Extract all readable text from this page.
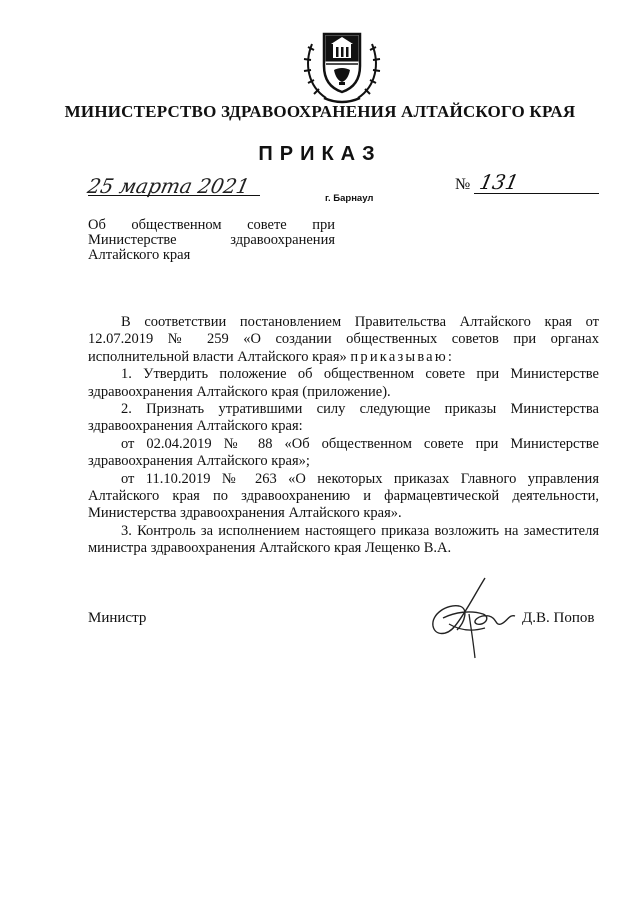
МИНИСТЕРСТВО ЗДРАВООХРАНЕНИЯ АЛТАЙСКОГО КРАЯ
ПРИКАЗ
25 марта 2021
г. Барнаул
№ 131
Об общественном совете при
Министерстве здравоохранения
Алтайского края

В соответствии постановлением Правительства Алтайского края от 12.07.2019 № 259 «О создании общественных советов при органах исполнительной власти Алтайского края» приказываю:

1. Утвердить положение об общественном совете при Министерстве здравоохранения Алтайского края (приложение).

2. Признать утратившими силу следующие приказы Министерства здравоохранения Алтайского края:

от 02.04.2019 № 88 «Об общественном совете при Министерстве здравоохранения Алтайского края»;

от 11.10.2019 № 263 «О некоторых приказах Главного управления Алтайского края по здравоохранению и фармацевтической деятельности, Министерства здравоохранения Алтайского края».

3. Контроль за исполнением настоящего приказа возложить на заместителя министра здравоохранения Алтайского края Лещенко В.А.

Министр	Д.В. Попов
